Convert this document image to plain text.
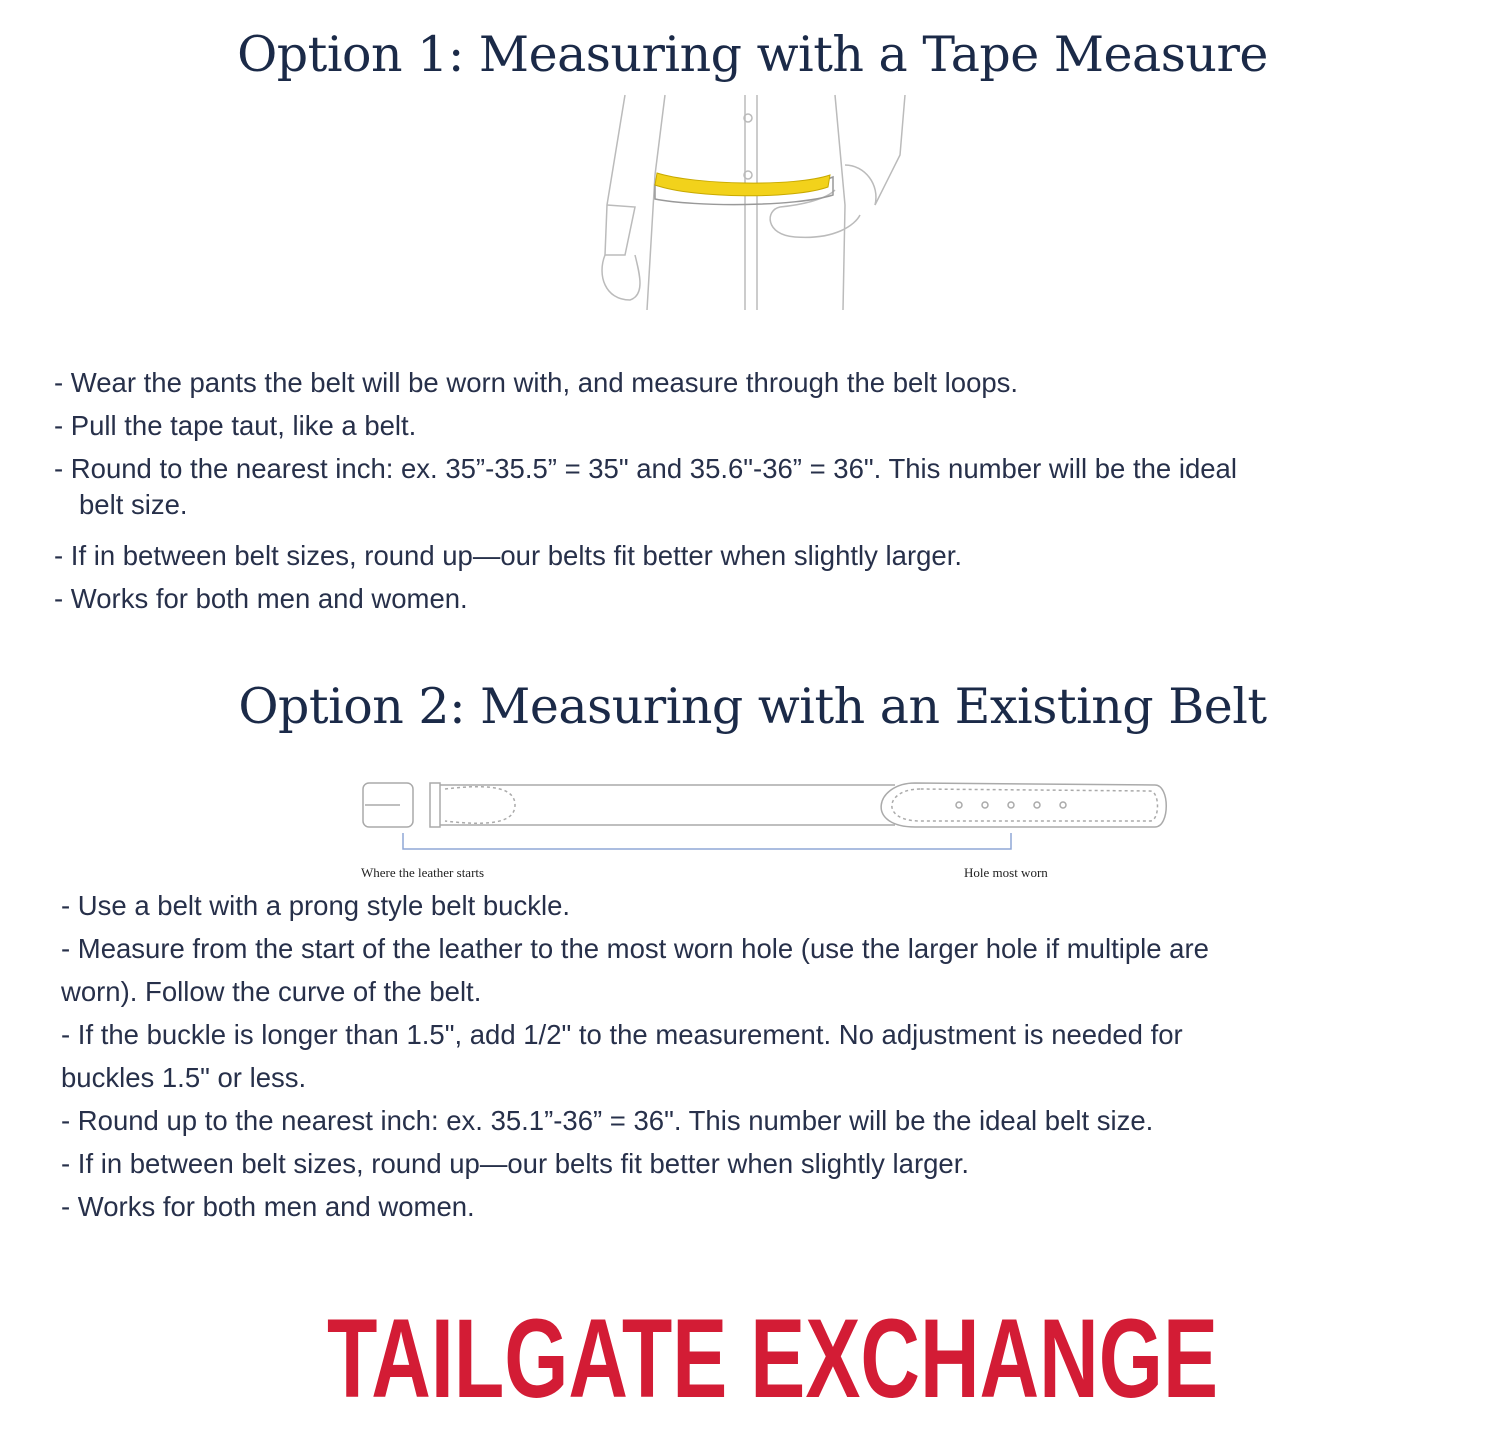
Option 1: Measuring with a Tape Measure
- Wear the pants the belt will be worn with, and measure through the belt loops.
- Pull the tape taut, like a belt.
- Round to the nearest inch: ex. 35”-35.5” = 35" and 35.6"-36” = 36". This number will be the ideal
belt size.
- If in between belt sizes, round up—our belts fit better when slightly larger.
- Works for both men and women.
Option 2: Measuring with an Existing Belt
Where the leather starts	Hole most worn
- Use a belt with a prong style belt buckle.
- Measure from the start of the leather to the most worn hole (use the larger hole if multiple are
worn). Follow the curve of the belt.
- If the buckle is longer than 1.5", add 1/2" to the measurement. No adjustment is needed for
buckles 1.5" or less.
- Round up to the nearest inch: ex. 35.1”-36” = 36". This number will be the ideal belt size.
- If in between belt sizes, round up—our belts fit better when slightly larger.
- Works for both men and women.
TAILGATE EXCHANGE
